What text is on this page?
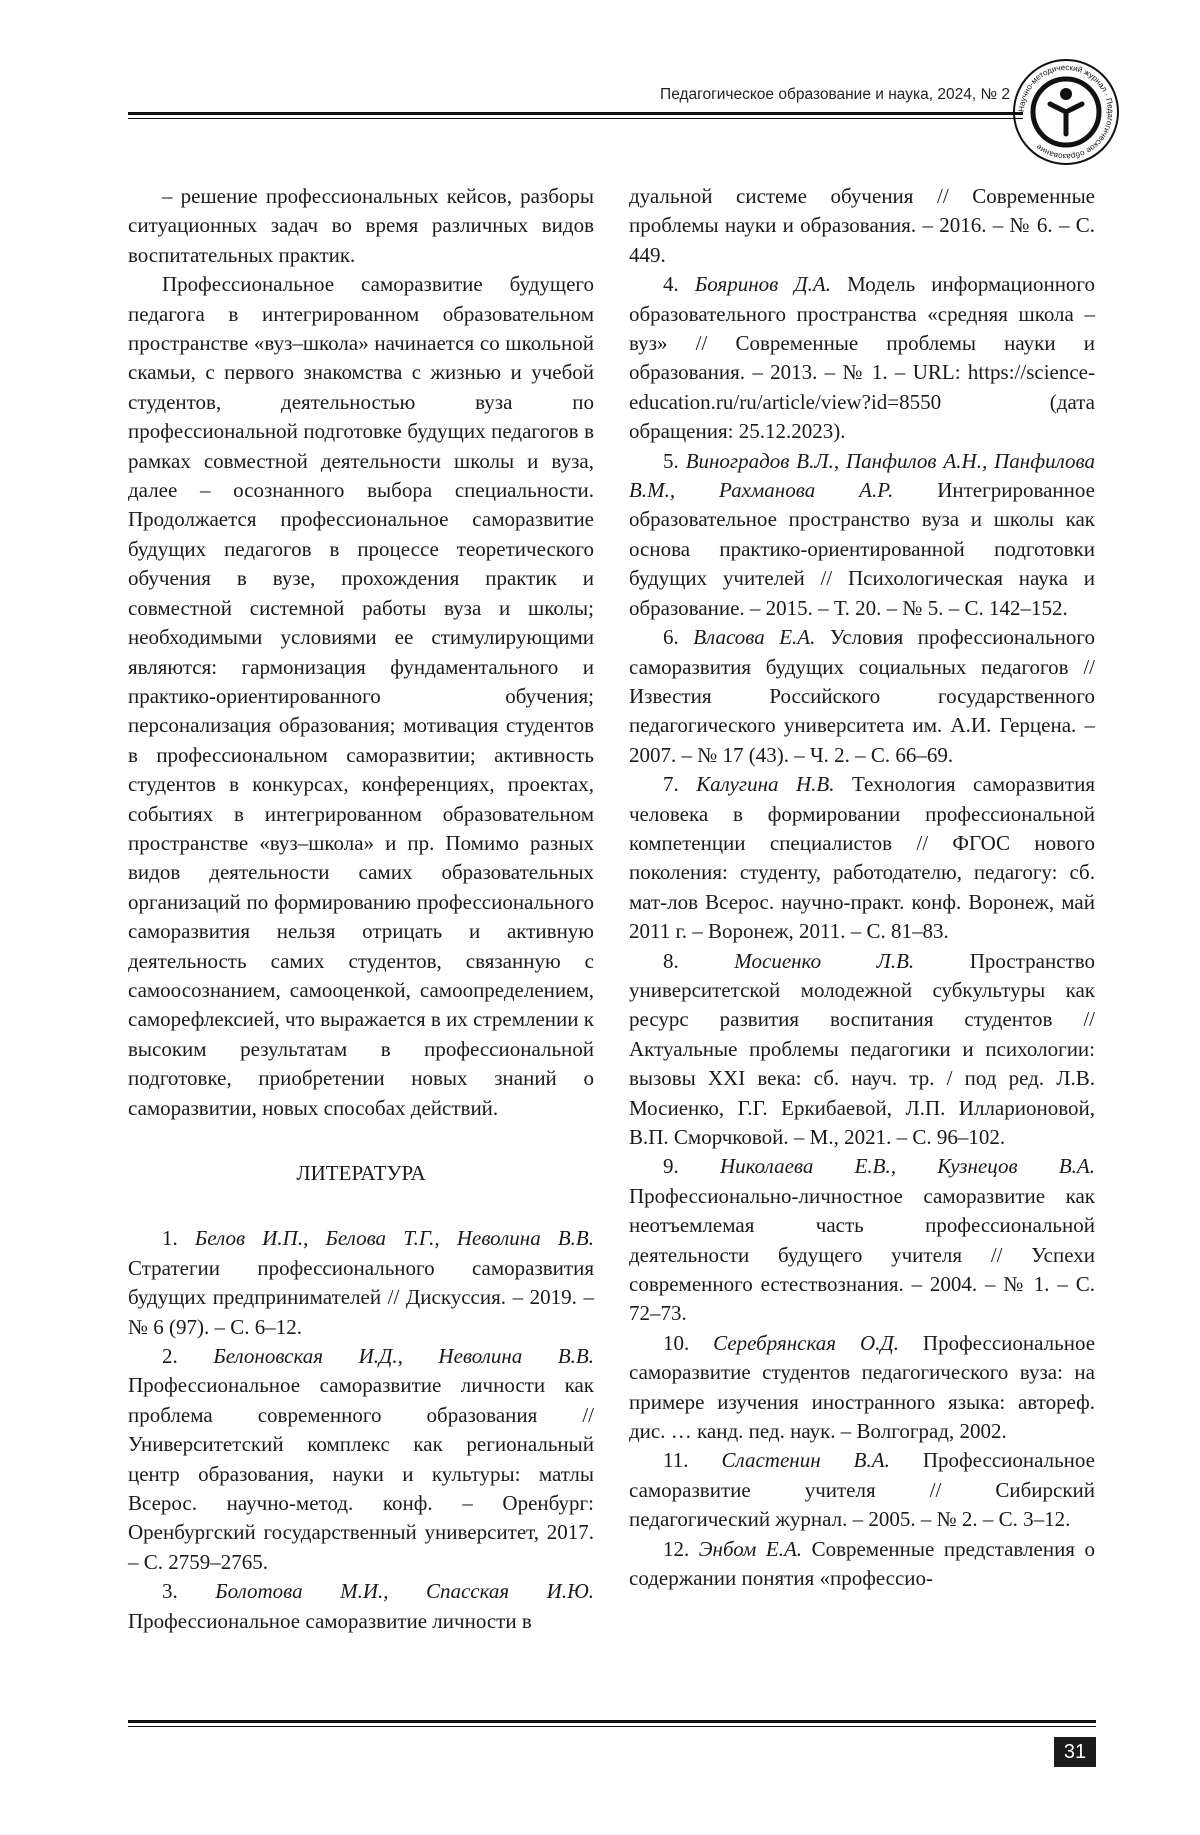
Педагогическое образование и наука, 2024, № 2
Научно-методический журнал · Педагогическое образование

– решение профессиональных кейсов, разборы ситуационных задач во время различных видов воспитательных практик.

Профессиональное саморазвитие будущего педагога в интегрированном образовательном пространстве «вуз–школа» начинается со школьной скамьи, с первого знакомства с жизнью и учебой студентов, деятельностью вуза по профессиональной подготовке будущих педагогов в рамках совместной деятельности школы и вуза, далее – осознанного выбора специальности. Продолжается профессиональное саморазвитие будущих педагогов в процессе теоретического обучения в вузе, прохождения практик и совместной системной работы вуза и школы; необходимыми условиями ее стимулирующими являются: гармонизация фундаментального и практико-ориентированного обучения; персонализация образования; мотивация студентов в профессиональном саморазвитии; активность студентов в конкурсах, конференциях, проектах, событиях в интегрированном образовательном пространстве «вуз–школа» и пр. Помимо разных видов деятельности самих образовательных организаций по формированию профессионального саморазвития нельзя отрицать и активную деятельность самих студентов, связанную с самоосознанием, самооценкой, самоопределением, саморефлексией, что выражается в их стремлении к высоким результатам в профессиональной подготовке, приобретении новых знаний о саморазвитии, новых способах действий.

ЛИТЕРАТУРА

1. Белов И.П., Белова Т.Г., Неволина В.В. Стратегии профессионального саморазвития будущих предпринимателей // Дискуссия. – 2019. – № 6 (97). – С. 6–12.

2. Белоновская И.Д., Неволина В.В. Профессиональное саморазвитие личности как проблема современного образования // Университетский комплекс как региональный центр образования, науки и культуры: матлы Всерос. научно-метод. конф. – Оренбург: Оренбургский государственный университет, 2017. – С. 2759–2765.

3. Болотова М.И., Спасская И.Ю. Профессиональное саморазвитие личности в

дуальной системе обучения // Современные проблемы науки и образования. – 2016. – № 6. – С. 449.

4. Бояринов Д.А. Модель информационного образовательного пространства «средняя школа – вуз» // Современные проблемы науки и образования. – 2013. – № 1. – URL: https://science-education.ru/ru/article/view?id=8550 (дата обращения: 25.12.2023).

5. Виноградов В.Л., Панфилов А.Н., Панфилова В.М., Рахманова А.Р. Интегрированное образовательное пространство вуза и школы как основа практико-ориентированной подготовки будущих учителей // Психологическая наука и образование. – 2015. – Т. 20. – № 5. – С. 142–152.

6. Власова Е.А. Условия профессионального саморазвития будущих социальных педагогов // Известия Российского государственного педагогического университета им. А.И. Герцена. – 2007. – № 17 (43). – Ч. 2. – С. 66–69.

7. Калугина Н.В. Технология саморазвития человека в формировании профессиональной компетенции специалистов // ФГОС нового поколения: студенту, работодателю, педагогу: сб. мат-лов Всерос. научно-практ. конф. Воронеж, май 2011 г. – Воронеж, 2011. – С. 81–83.

8.	Мосиенко Л.В.	Пространство университетской молодежной субкультуры как ресурс развития воспитания студентов // Актуальные проблемы педагогики и психологии: вызовы XXI века: сб. науч. тр. / под ред. Л.В. Мосиенко, Г.Г. Еркибаевой, Л.П. Илларионовой, В.П. Сморчковой. – М., 2021. – С. 96–102.

9. Николаева Е.В., Кузнецов В.А. Профессионально-личностное саморазвитие как неотъемлемая часть профессиональной деятельности будущего учителя // Успехи современного естествознания. – 2004. – № 1. – С. 72–73.

10. Серебрянская О.Д. Профессиональное саморазвитие студентов педагогического вуза: на примере изучения иностранного языка: автореф. дис. … канд. пед. наук. – Волгоград, 2002.

11. Сластенин В.А. Профессиональное саморазвитие учителя // Сибирский педагогический журнал. – 2005. – № 2. – С. 3–12.

12. Энбом Е.А. Современные представления о содержании понятия «профессио-

31
